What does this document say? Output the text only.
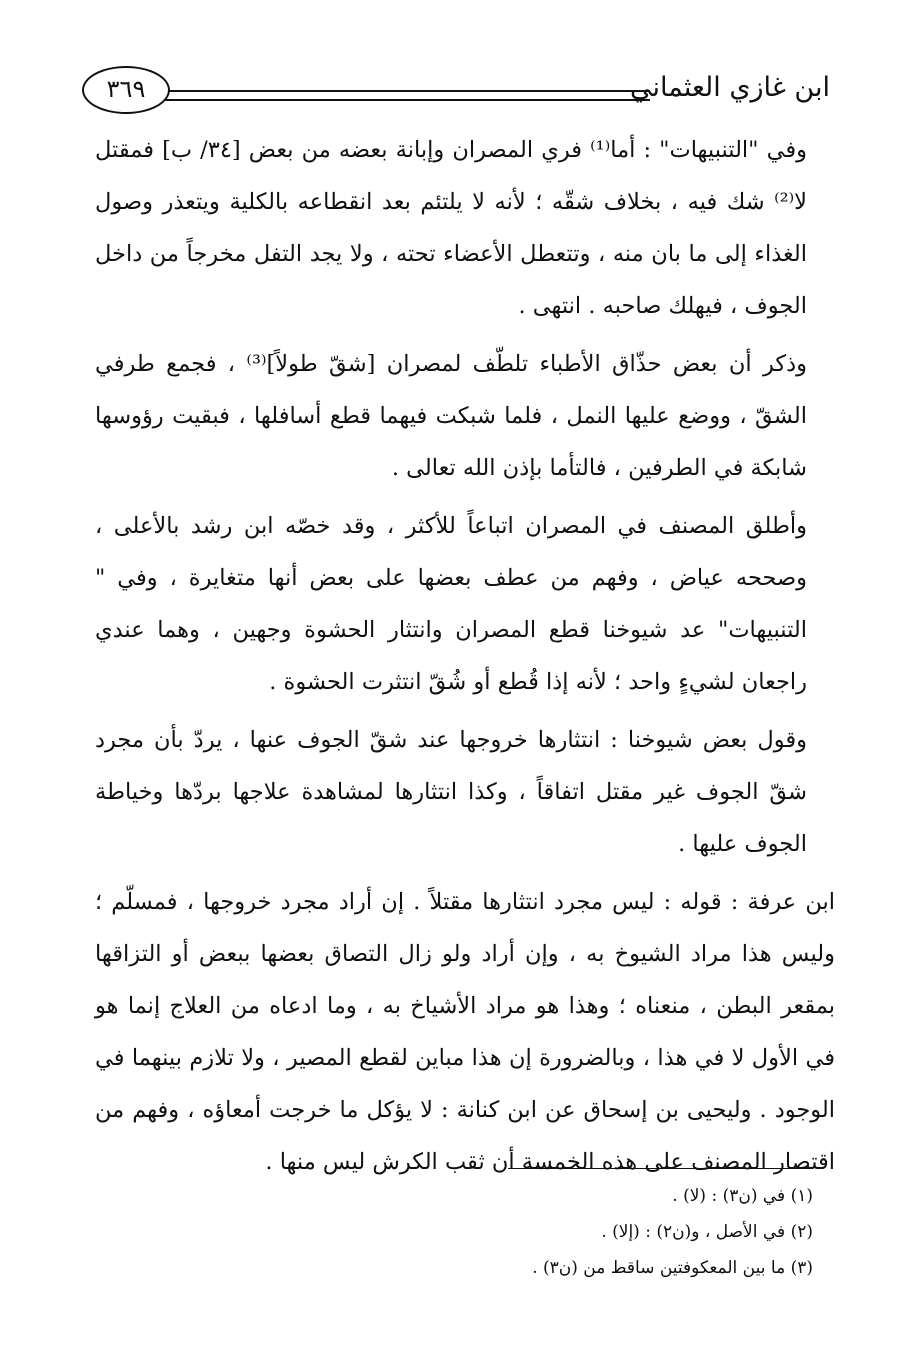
ابن غازي العثماني
٣٦٩

وفي "التنبيهات" : أما⁽¹⁾ فري المصران وإبانة بعضه من بعض [٣٤/ ب] فمقتل لا⁽²⁾ شك فيه ، بخلاف شقّه ؛ لأنه لا يلتئم بعد انقطاعه بالكلية ويتعذر وصول الغذاء إلى ما بان منه ، وتتعطل الأعضاء تحته ، ولا يجد التفل مخرجاً من داخل الجوف ، فيهلك صاحبه . انتهى .

وذكر أن بعض حذّاق الأطباء تلطّف لمصران [شقّ طولاً]⁽³⁾ ، فجمع طرفي الشقّ ، ووضع عليها النمل ، فلما شبكت فيهما قطع أسافلها ، فبقيت رؤوسها شابكة في الطرفين ، فالتأما بإذن الله تعالى .

وأطلق المصنف في المصران اتباعاً للأكثر ، وقد خصّه ابن رشد بالأعلى ، وصححه عياض ، وفهم من عطف بعضها على بعض أنها متغايرة ، وفي " التنبيهات" عد شيوخنا قطع المصران وانتثار الحشوة وجهين ، وهما عندي راجعان لشيءٍ واحد ؛ لأنه إذا قُطع أو شُقّ انتثرت الحشوة .

وقول بعض شيوخنا : انتثارها خروجها عند شقّ الجوف عنها ، يردّ بأن مجرد شقّ الجوف غير مقتل اتفاقاً ، وكذا انتثارها لمشاهدة علاجها بردّها وخياطة الجوف عليها .

ابن عرفة : قوله : ليس مجرد انتثارها مقتلاً . إن أراد مجرد خروجها ، فمسلّم ؛ وليس هذا مراد الشيوخ به ، وإن أراد ولو زال التصاق بعضها ببعض أو التزاقها بمقعر البطن ، منعناه ؛ وهذا هو مراد الأشياخ به ، وما ادعاه من العلاج إنما هو في الأول لا في هذا ، وبالضرورة إن هذا مباين لقطع المصير ، ولا تلازم بينهما في الوجود . وليحيى بن إسحاق عن ابن كنانة : لا يؤكل ما خرجت أمعاؤه ، وفهم من اقتصار المصنف على هذه الخمسة أن ثقب الكرش ليس منها .

(١) في (ن٣) : (لا) .

(٢) في الأصل ، و(ن٢) : (إلا) .

(٣) ما بين المعكوفتين ساقط من (ن٣) .
